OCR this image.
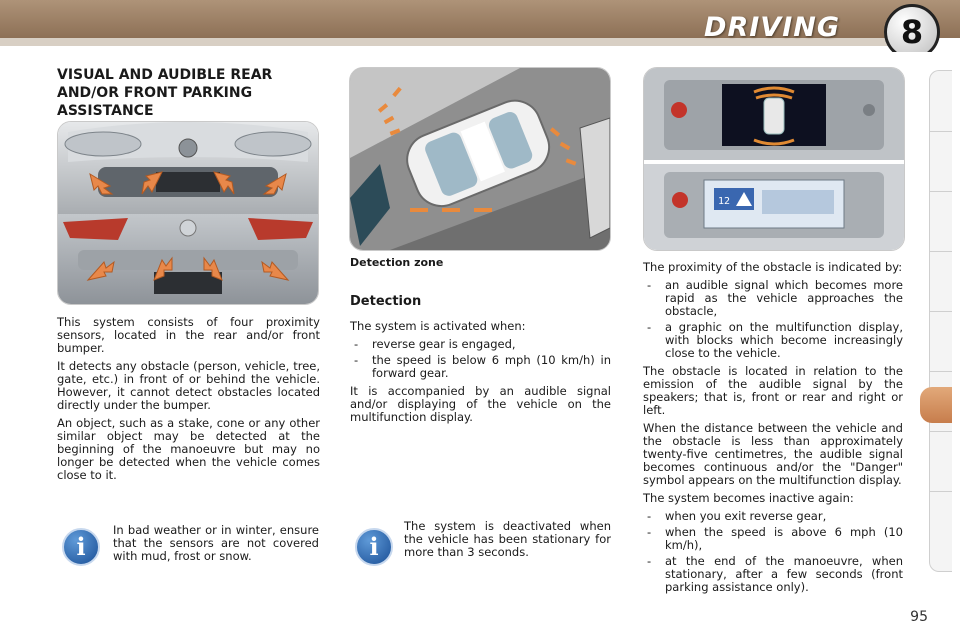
DRIVING	8
VISUAL AND AUDIBLE REAR AND/OR FRONT PARKING ASSISTANCE
12

This system consists of four proximity sensors, located in the rear and/or front bumper.

It detects any obstacle (person, vehicle, tree, gate, etc.) in front of or behind the vehicle. However, it cannot detect obstacles located directly under the bumper.

An object, such as a stake, cone or any other similar object may be detected at the beginning of the manoeuvre but may no longer be detected when the vehicle comes close to it.

i
In bad weather or in winter, ensure that the sensors are not covered with mud, frost or snow.
Detection zone
Detection

The system is activated when:

- reverse gear is engaged,
- the speed is below 6 mph (10 km/h) in forward gear.

It is accompanied by an audible signal and/or displaying of the vehicle on the multifunction display.

i
The system is deactivated when the vehicle has been stationary for more than 3 seconds.

The proximity of the obstacle is indicated by:

- an audible signal which becomes more rapid as the vehicle approaches the obstacle,
- a graphic on the multifunction display, with blocks which become increasingly close to the vehicle.

The obstacle is located in relation to the emission of the audible signal by the speakers; that is, front or rear and right or left.

When the distance between the vehicle and the obstacle is less than approximately twenty-five centimetres, the audible signal becomes continuous and/or the "Danger" symbol appears on the multifunction display.

The system becomes inactive again:

- when you exit reverse gear,
- when the speed is above 6 mph (10 km/h),
- at the end of the manoeuvre, when stationary, after a few seconds (front parking assistance only).
95
